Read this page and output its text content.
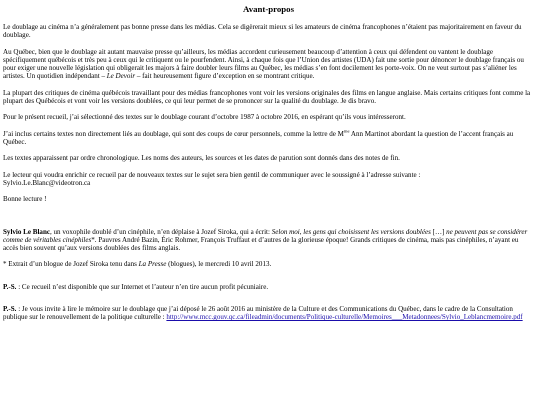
Avant-propos

Le doublage au cinéma n’a généralement pas bonne presse dans les médias. Cela se digèrerait mieux si les amateurs de cinéma francophones n’étaient pas majoritairement en faveur du doublage.

Au Québec, bien que le doublage ait autant mauvaise presse qu’ailleurs, les médias accordent curieusement beaucoup d’attention à ceux qui défendent ou vantent le doublage spécifiquement québécois et très peu à ceux qui le critiquent ou le pourfendent. Ainsi, à chaque fois que l’Union des artistes (UDA) fait une sortie pour dénoncer le doublage français ou pour exiger une nouvelle législation qui obligerait les majors à faire doubler leurs films au Québec, les médias s’en font docilement les porte-voix. On ne veut surtout pas s’aliéner les artistes. Un quotidien indépendant – Le Devoir – fait heureusement figure d’exception en se montrant critique.

La plupart des critiques de cinéma québécois travaillant pour des médias francophones vont voir les versions originales des films en langue anglaise. Mais certains critiques font comme la plupart des Québécois et vont voir les versions doublées, ce qui leur permet de se prononcer sur la qualité du doublage. Je dis bravo.

Pour le présent recueil, j’ai sélectionné des textes sur le doublage courant d’octobre 1987 à octobre 2016, en espérant qu’ils vous intéresseront.

J’ai inclus certains textes non directement liés au doublage, qui sont des coups de cœur personnels, comme la lettre de $M^{me}$ Ann Martinot abordant la question de l’accent français au Québec.

Les textes apparaissent par ordre chronologique. Les noms des auteurs, les sources et les dates de parution sont donnés dans des notes de fin.

Le lecteur qui voudra enrichir ce recueil par de nouveaux textes sur le sujet sera bien gentil de communiquer avec le soussigné à l’adresse suivante :
Sylvio.Le.Blanc@videotron.ca

Bonne lecture !

Sylvio Le Blanc, un voxophile doublé d’un cinéphile, n’en déplaise à Jozef Siroka, qui a écrit: Selon moi, les gens qui choisissent les versions doublées […] ne peuvent pas se considérer comme de véritables cinéphiles*. Pauvres André Bazin, Éric Rohmer, François Truffaut et d’autres de la glorieuse époque! Grands critiques de cinéma, mais pas cinéphiles, n’ayant eu accès bien souvent qu’aux versions doublées des films anglais.

* Extrait d’un blogue de Jozef Siroka tenu dans La Presse (blogues), le mercredi 10 avril 2013.

P.-S. : Ce recueil n’est disponible que sur Internet et l’auteur n’en tire aucun profit pécuniaire.

P.-S. : Je vous invite à lire le mémoire sur le doublage que j’ai déposé le 26 août 2016 au ministère de la Culture et des Communications du Québec, dans le cadre de la Consultation publique sur le renouvellement de la politique culturelle : http://www.mcc.gouv.qc.ca/fileadmin/documents/Politique-culturelle/Memoires___Metadonnees/Sylvio_Leblancmemoire.pdf
